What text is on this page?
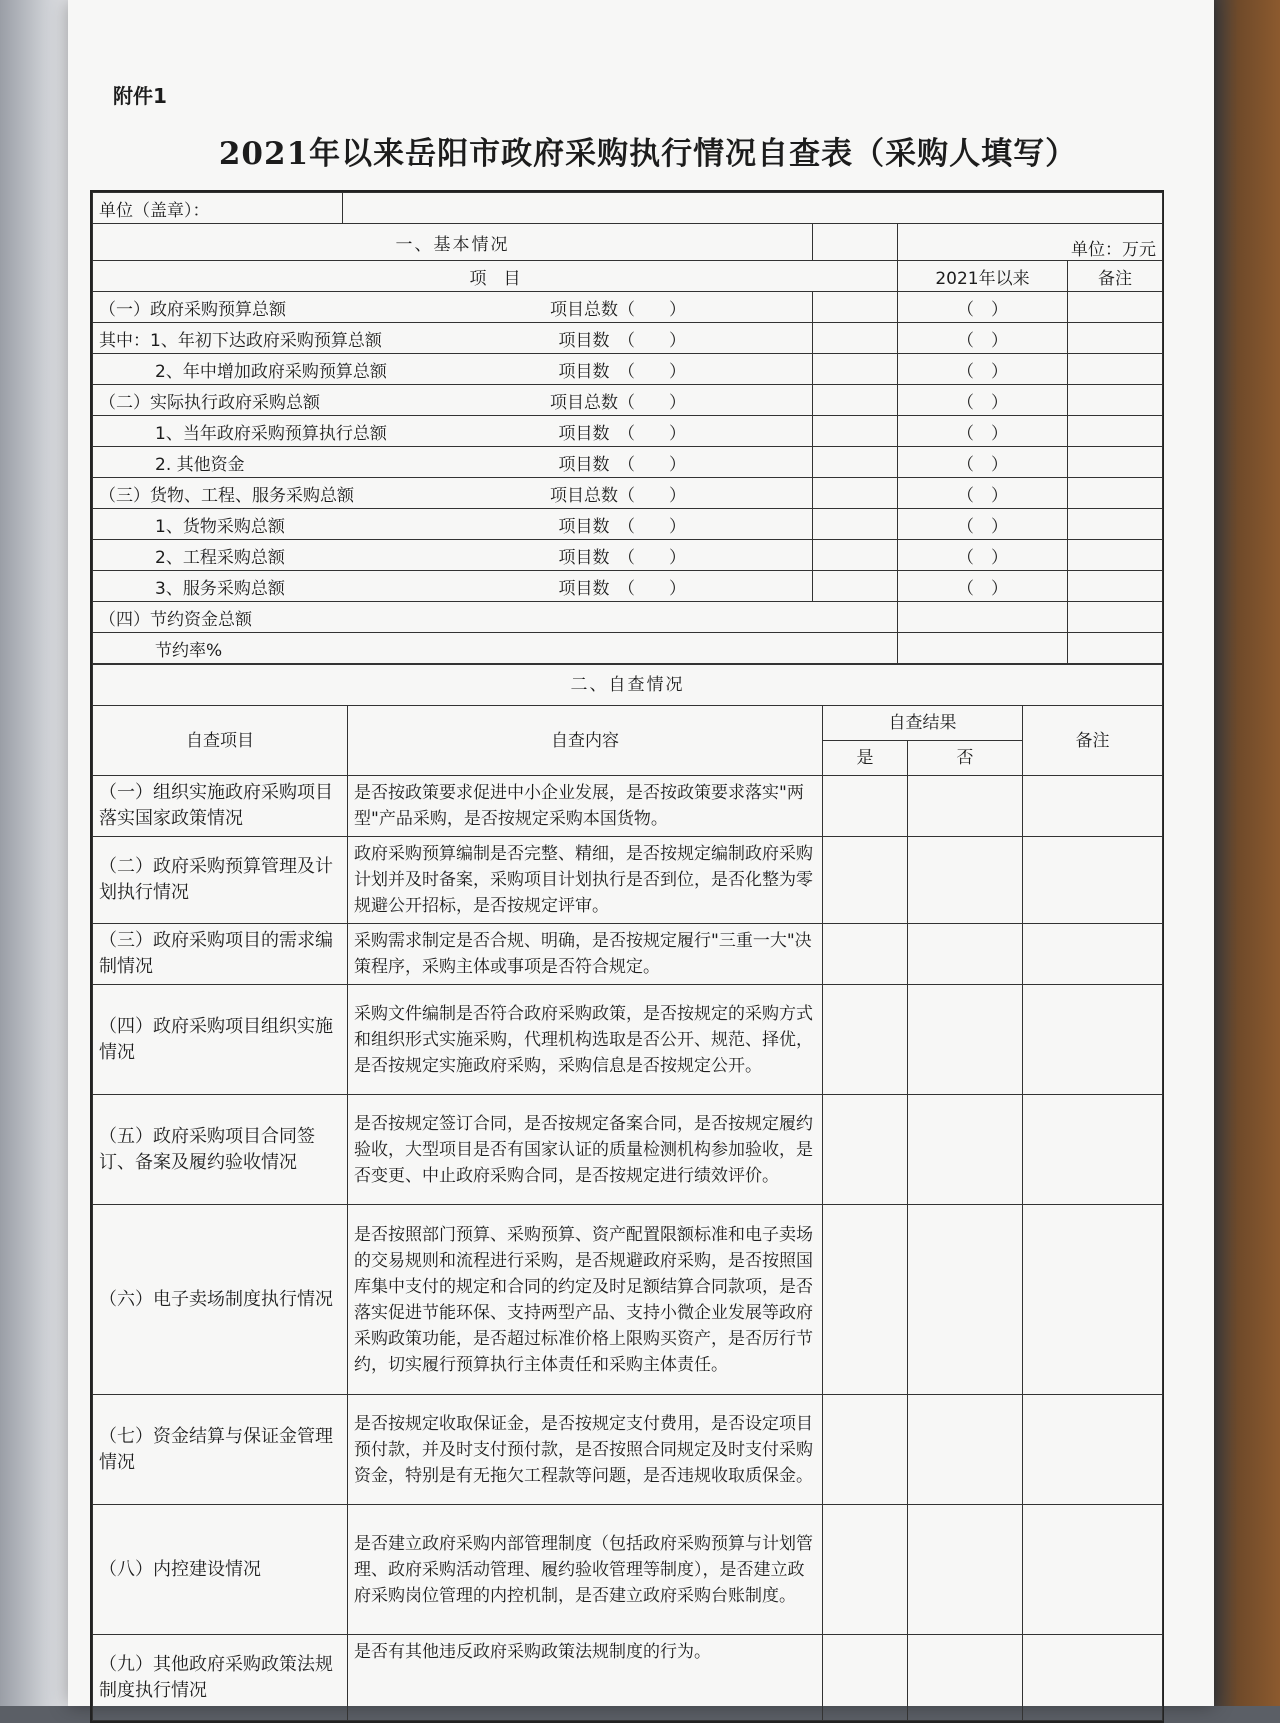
附件1
2021年以来岳阳市政府采购执行情况自查表（采购人填写）
单位（盖章）：				
一、基本情况			单位：万元	
项　目			2021年以来	备注

（一）政府采购预算总额 项目总数（　　）			（　）	

其中：1、年初下达政府采购预算总额 项目数　（　　）			（　）	

2、年中增加政府采购预算总额 项目数　（　　）			（　）	

（二）实际执行政府采购总额 项目总数（　　）			（　）	

1、当年政府采购预算执行总额 项目数　（　　）			（　）	

2. 其他资金 项目数　（　　）			（　）	

（三）货物、工程、服务采购总额 项目总数（　　）			（　）	

1、货物采购总额 项目数　（　　）			（　）	

2、工程采购总额 项目数　（　　）			（　）	

3、服务采购总额 项目数　（　　）			（　）	
（四）节约资金总额				
节约率%				
二、自查情况				
自查项目	自查内容	自查结果		备注
		是	否	
（一）组织实施政府采购项目落实国家政策情况	是否按政策要求促进中小企业发展，是否按政策要求落实"两型"产品采购，是否按规定采购本国货物。			
（二）政府采购预算管理及计划执行情况	政府采购预算编制是否完整、精细，是否按规定编制政府采购计划并及时备案，采购项目计划执行是否到位，是否化整为零规避公开招标，是否按规定评审。			
（三）政府采购项目的需求编制情况	采购需求制定是否合规、明确，是否按规定履行"三重一大"决策程序，采购主体或事项是否符合规定。			
（四）政府采购项目组织实施情况	采购文件编制是否符合政府采购政策，是否按规定的采购方式和组织形式实施采购，代理机构选取是否公开、规范、择优，是否按规定实施政府采购，采购信息是否按规定公开。			
（五）政府采购项目合同签订、备案及履约验收情况	是否按规定签订合同，是否按规定备案合同，是否按规定履约验收，大型项目是否有国家认证的质量检测机构参加验收，是否变更、中止政府采购合同，是否按规定进行绩效评价。			
（六）电子卖场制度执行情况	是否按照部门预算、采购预算、资产配置限额标准和电子卖场的交易规则和流程进行采购，是否规避政府采购，是否按照国库集中支付的规定和合同的约定及时足额结算合同款项，是否落实促进节能环保、支持两型产品、支持小微企业发展等政府采购政策功能，是否超过标准价格上限购买资产，是否厉行节约，切实履行预算执行主体责任和采购主体责任。			
（七）资金结算与保证金管理情况	是否按规定收取保证金，是否按规定支付费用，是否设定项目预付款，并及时支付预付款，是否按照合同规定及时支付采购资金，特别是有无拖欠工程款等问题，是否违规收取质保金。			
（八）内控建设情况	是否建立政府采购内部管理制度（包括政府采购预算与计划管理、政府采购活动管理、履约验收管理等制度），是否建立政府采购岗位管理的内控机制，是否建立政府采购台账制度。			
（九）其他政府采购政策法规制度执行情况	是否有其他违反政府采购政策法规制度的行为。			
